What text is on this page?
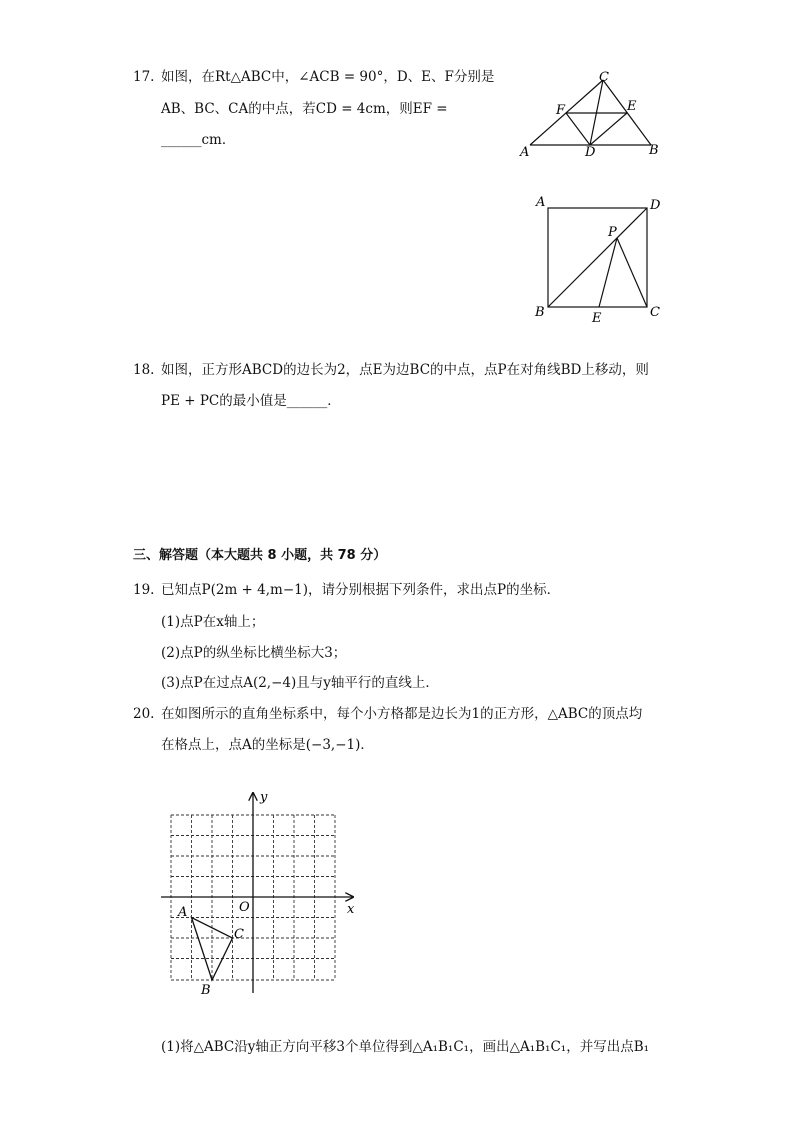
17. 如图，在Rt△ABC中，∠ACB = 90°，D、E、F分别是
AB、BC、CA的中点，若CD = 4cm，则EF =
______cm．
C
F	E
A	D	B
A	D
P
B	E	C
18. 如图，正方形ABCD的边长为2，点E为边BC的中点，点P在对角线BD上移动，则
PE + PC的最小值是______．
三、解答题（本大题共 8 小题，共 78 分）
19. 已知点P(2m + 4,m−1)，请分别根据下列条件，求出点P的坐标．
(1)点P在x轴上；
(2)点P的纵坐标比横坐标大3；
(3)点P在过点A(2,−4)且与y轴平行的直线上．
20. 在如图所示的直角坐标系中，每个小方格都是边长为1的正方形，△ABC的顶点均
在格点上，点A的坐标是(−3,−1)．
y
x
O
A
C
B
(1)将△ABC沿y轴正方向平移3个单位得到△A₁B₁C₁，画出△A₁B₁C₁，并写出点B₁
